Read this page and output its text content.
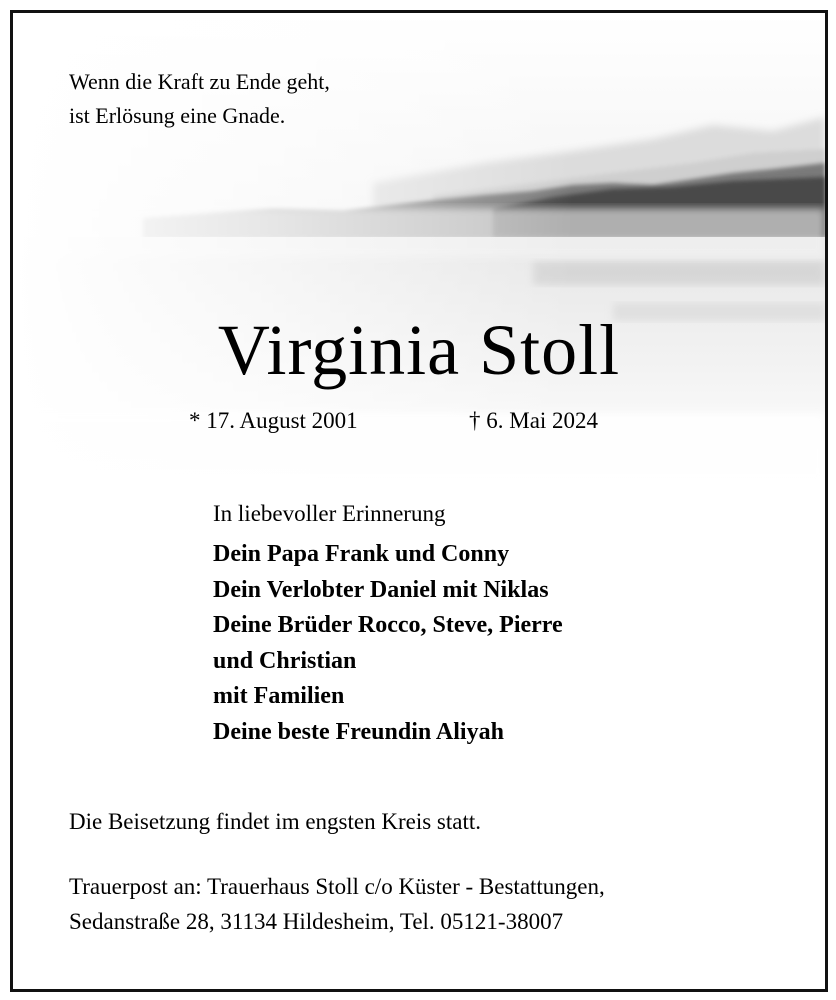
Wenn die Kraft zu Ende geht,
ist Erlösung eine Gnade.
Virginia Stoll
* 17. August 2001	† 6. Mai 2024
In liebevoller Erinnerung
Dein Papa Frank und Conny
Dein Verlobter Daniel mit Niklas
Deine Brüder Rocco, Steve, Pierre
und Christian
mit Familien
Deine beste Freundin Aliyah
Die Beisetzung findet im engsten Kreis statt.
Trauerpost an: Trauerhaus Stoll c/o Küster - Bestattungen,
Sedanstraße 28, 31134 Hildesheim, Tel. 05121-38007
